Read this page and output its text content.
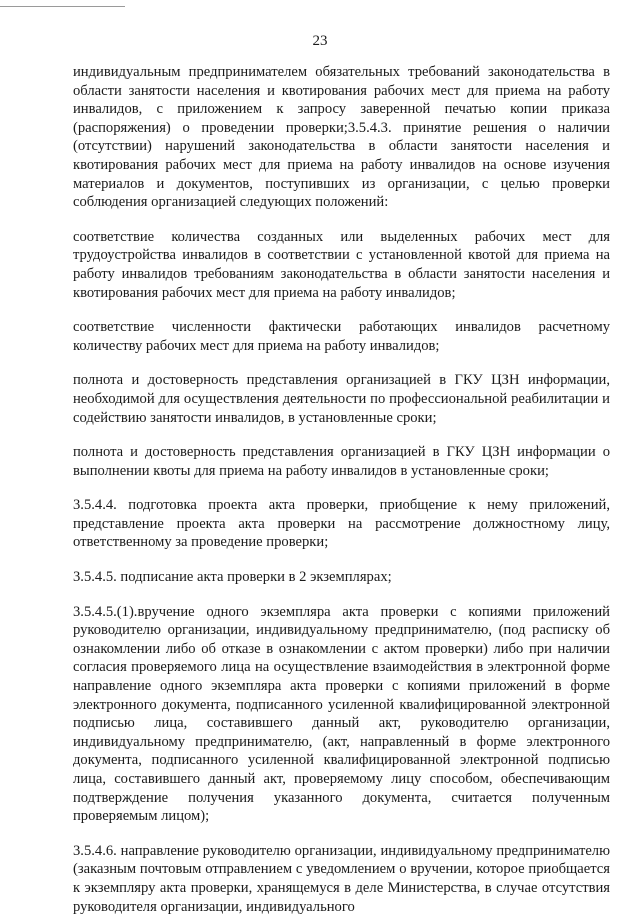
23

индивидуальным предпринимателем обязательных требований законодательства в области занятости населения и квотирования рабочих мест для приема на работу инвалидов, с приложением к запросу заверенной печатью копии приказа (распоряжения) о проведении проверки;3.5.4.3. принятие решения о наличии (отсутствии) нарушений законодательства в области занятости населения и квотирования рабочих мест для приема на работу инвалидов на основе изучения материалов и документов, поступивших из организации, с целью проверки соблюдения организацией следующих положений:

соответствие количества созданных или выделенных рабочих мест для трудоустройства инвалидов в соответствии с установленной квотой для приема на работу инвалидов требованиям законодательства в области занятости населения и квотирования рабочих мест для приема на работу инвалидов;

соответствие численности фактически работающих инвалидов расчетному количеству рабочих мест для приема на работу инвалидов;

полнота и достоверность представления организацией в ГКУ ЦЗН информации, необходимой для осуществления деятельности по профессиональной реабилитации и содействию занятости инвалидов, в установленные сроки;

полнота и достоверность представления организацией в ГКУ ЦЗН информации о выполнении квоты для приема на работу инвалидов в установленные сроки;

3.5.4.4. подготовка проекта акта проверки, приобщение к нему приложений, представление проекта акта проверки на рассмотрение должностному лицу, ответственному за проведение проверки;

3.5.4.5. подписание акта проверки в 2 экземплярах;

3.5.4.5.(1).вручение одного экземпляра акта проверки с копиями приложений руководителю организации, индивидуальному предпринимателю, (под расписку об ознакомлении либо об отказе в ознакомлении с актом проверки) либо при наличии согласия проверяемого лица на осуществление взаимодействия в электронной форме направление одного экземпляра акта проверки с копиями приложений в форме электронного документа, подписанного усиленной квалифицированной электронной подписью лица, составившего данный акт, руководителю организации, индивидуальному предпринимателю, (акт, направленный в форме электронного документа, подписанного усиленной квалифицированной электронной подписью лица, составившего данный акт, проверяемому лицу способом, обеспечивающим подтверждение получения указанного документа, считается полученным проверяемым лицом);

3.5.4.6. направление руководителю организации, индивидуальному предпринимателю (заказным почтовым отправлением с уведомлением о вручении, которое приобщается к экземпляру акта проверки, хранящемуся в деле Министерства, в случае отсутствия руководителя организации, индивидуального
